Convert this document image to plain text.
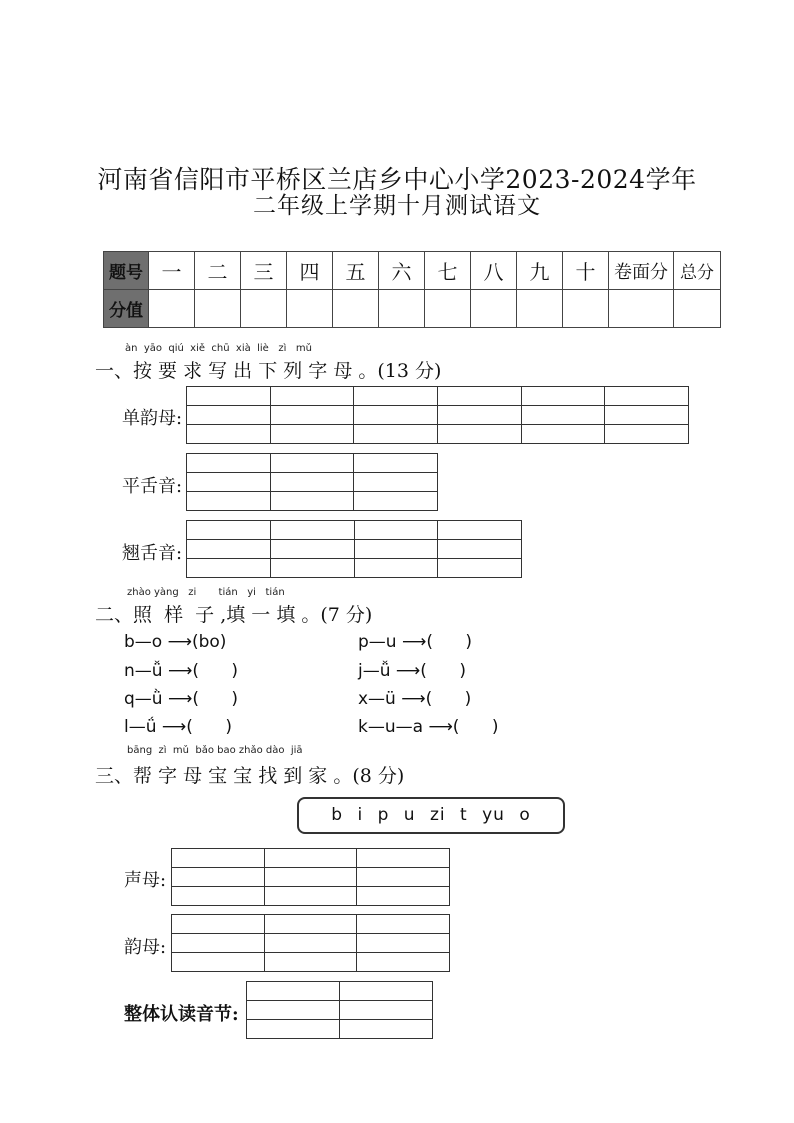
河南省信阳市平桥区兰店乡中心小学2023-2024学年
二年级上学期十月测试语文
题号	一	二	三	四	五	六	七	八	九	十	卷面分	总分
分值												
àn  yāo  qiú  xiě  chū  xià  liè   zì   mǔ
一、按 要 求 写 出 下 列 字 母 。(13 分)
单韵母:

平舌音:

翘舌音:

zhào yàng   zi       tián   yi   tián
二、照  样  子 ,填 一 填 。(7 分)
b—o ⟶(bo)	p—u ⟶(      )
n—ǚ ⟶(      )	j—ǚ ⟶(      )
q—ǜ ⟶(      )	x—ü ⟶(      )
l—ǘ ⟶(      )	k—u—a ⟶(      )
bāng  zì  mǔ  bǎo bao zhǎo dào  jiā
三、帮 字 母 宝 宝 找 到 家 。(8 分)
b i p u zi t yu o
声母:

韵母:

整体认读音节:
